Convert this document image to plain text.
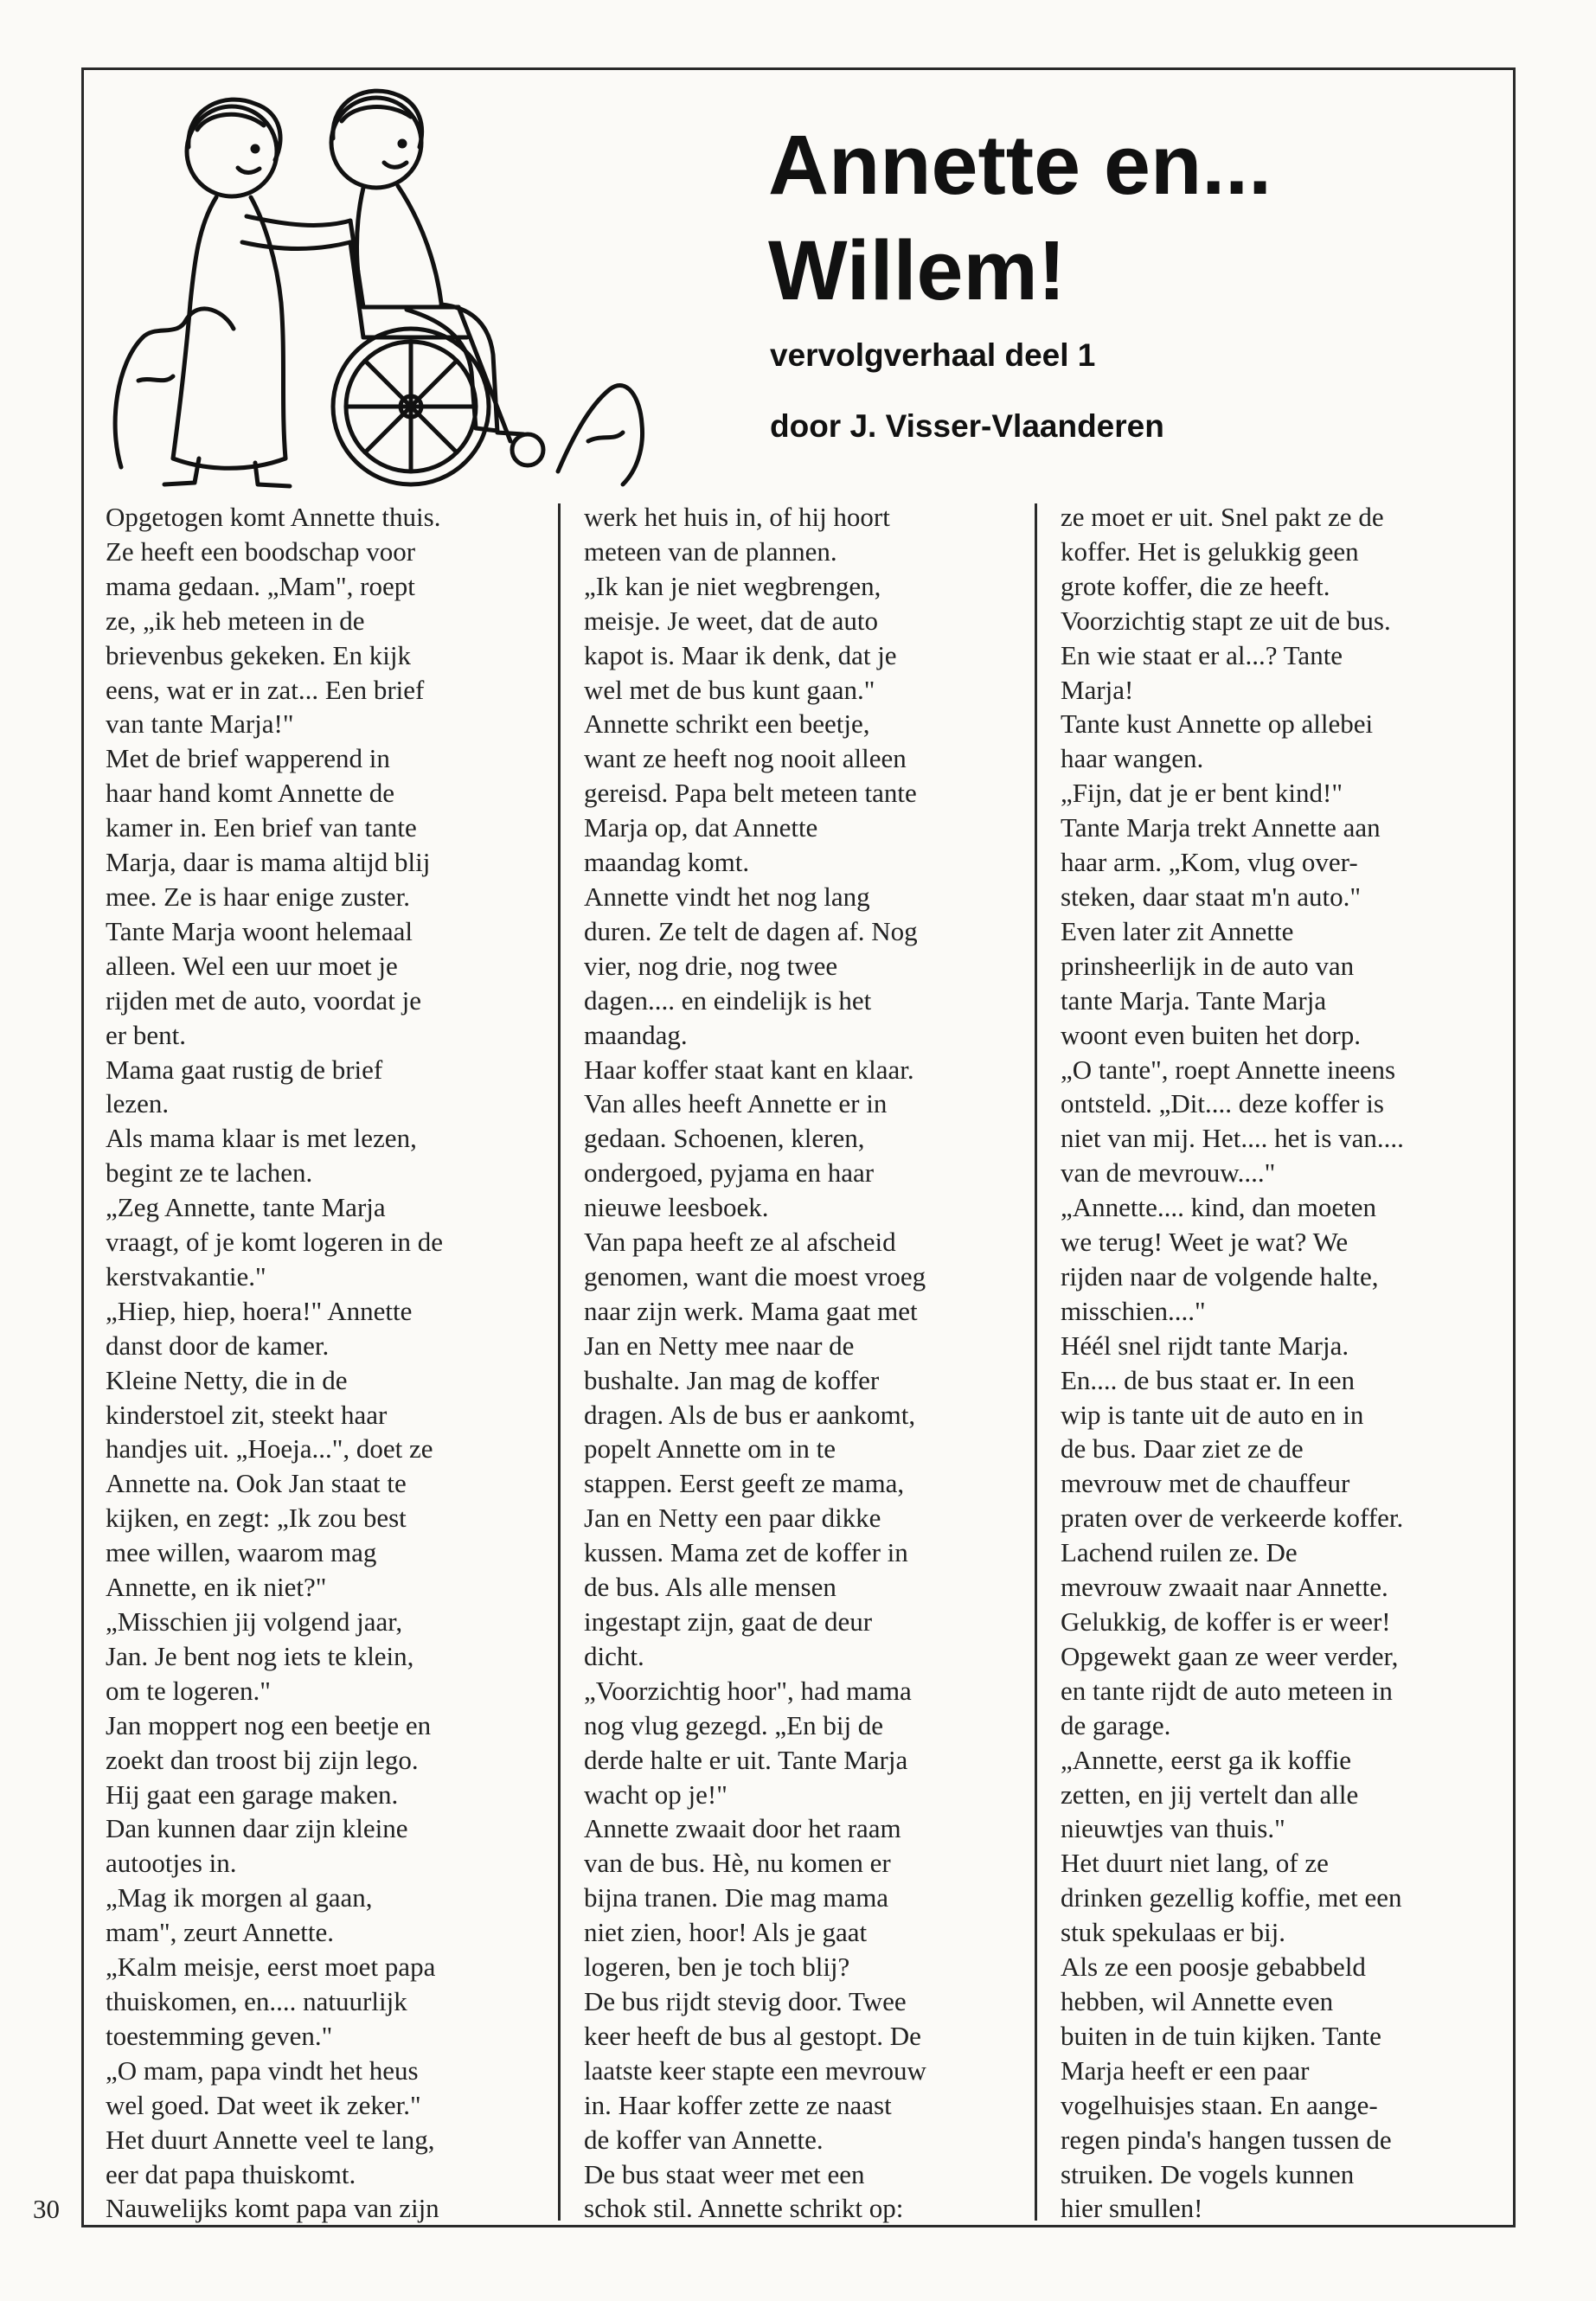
Annette en...
Willem!

vervolgverhaal deel 1

door J. Visser-Vlaanderen

Opgetogen komt Annette thuis.
Ze heeft een boodschap voor
mama gedaan. „Mam", roept
ze, „ik heb meteen in de
brievenbus gekeken. En kijk
eens, wat er in zat... Een brief
van tante Marja!"
Met de brief wapperend in
haar hand komt Annette de
kamer in. Een brief van tante
Marja, daar is mama altijd blij
mee. Ze is haar enige zuster.
Tante Marja woont helemaal
alleen. Wel een uur moet je
rijden met de auto, voordat je
er bent.
Mama gaat rustig de brief
lezen.
Als mama klaar is met lezen,
begint ze te lachen.
„Zeg Annette, tante Marja
vraagt, of je komt logeren in de
kerstvakantie."
„Hiep, hiep, hoera!" Annette
danst door de kamer.
Kleine Netty, die in de
kinderstoel zit, steekt haar
handjes uit. „Hoeja...", doet ze
Annette na. Ook Jan staat te
kijken, en zegt: „Ik zou best
mee willen, waarom mag
Annette, en ik niet?"
„Misschien jij volgend jaar,
Jan. Je bent nog iets te klein,
om te logeren."
Jan moppert nog een beetje en
zoekt dan troost bij zijn lego.
Hij gaat een garage maken.
Dan kunnen daar zijn kleine
autootjes in.
„Mag ik morgen al gaan,
mam", zeurt Annette.
„Kalm meisje, eerst moet papa
thuiskomen, en.... natuurlijk
toestemming geven."
„O mam, papa vindt het heus
wel goed. Dat weet ik zeker."
Het duurt Annette veel te lang,
eer dat papa thuiskomt.
Nauwelijks komt papa van zijn
werk het huis in, of hij hoort
meteen van de plannen.
„Ik kan je niet wegbrengen,
meisje. Je weet, dat de auto
kapot is. Maar ik denk, dat je
wel met de bus kunt gaan."
Annette schrikt een beetje,
want ze heeft nog nooit alleen
gereisd. Papa belt meteen tante
Marja op, dat Annette
maandag komt.
Annette vindt het nog lang
duren. Ze telt de dagen af. Nog
vier, nog drie, nog twee
dagen.... en eindelijk is het
maandag.
Haar koffer staat kant en klaar.
Van alles heeft Annette er in
gedaan. Schoenen, kleren,
ondergoed, pyjama en haar
nieuwe leesboek.
Van papa heeft ze al afscheid
genomen, want die moest vroeg
naar zijn werk. Mama gaat met
Jan en Netty mee naar de
bushalte. Jan mag de koffer
dragen. Als de bus er aankomt,
popelt Annette om in te
stappen. Eerst geeft ze mama,
Jan en Netty een paar dikke
kussen. Mama zet de koffer in
de bus. Als alle mensen
ingestapt zijn, gaat de deur
dicht.
„Voorzichtig hoor", had mama
nog vlug gezegd. „En bij de
derde halte er uit. Tante Marja
wacht op je!"
Annette zwaait door het raam
van de bus. Hè, nu komen er
bijna tranen. Die mag mama
niet zien, hoor! Als je gaat
logeren, ben je toch blij?
De bus rijdt stevig door. Twee
keer heeft de bus al gestopt. De
laatste keer stapte een mevrouw
in. Haar koffer zette ze naast
de koffer van Annette.
De bus staat weer met een
schok stil. Annette schrikt op:
ze moet er uit. Snel pakt ze de
koffer. Het is gelukkig geen
grote koffer, die ze heeft.
Voorzichtig stapt ze uit de bus.
En wie staat er al...? Tante
Marja!
Tante kust Annette op allebei
haar wangen.
„Fijn, dat je er bent kind!"
Tante Marja trekt Annette aan
haar arm. „Kom, vlug over-
steken, daar staat m'n auto."
Even later zit Annette
prinsheerlijk in de auto van
tante Marja. Tante Marja
woont even buiten het dorp.
„O tante", roept Annette ineens
ontsteld. „Dit.... deze koffer is
niet van mij. Het.... het is van....
van de mevrouw...."
„Annette.... kind, dan moeten
we terug! Weet je wat? We
rijden naar de volgende halte,
misschien...."
Héél snel rijdt tante Marja.
En.... de bus staat er. In een
wip is tante uit de auto en in
de bus. Daar ziet ze de
mevrouw met de chauffeur
praten over de verkeerde koffer.
Lachend ruilen ze. De
mevrouw zwaait naar Annette.
Gelukkig, de koffer is er weer!
Opgewekt gaan ze weer verder,
en tante rijdt de auto meteen in
de garage.
„Annette, eerst ga ik koffie
zetten, en jij vertelt dan alle
nieuwtjes van thuis."
Het duurt niet lang, of ze
drinken gezellig koffie, met een
stuk spekulaas er bij.
Als ze een poosje gebabbeld
hebben, wil Annette even
buiten in de tuin kijken. Tante
Marja heeft er een paar
vogelhuisjes staan. En aange-
regen pinda's hangen tussen de
struiken. De vogels kunnen
hier smullen!
30
